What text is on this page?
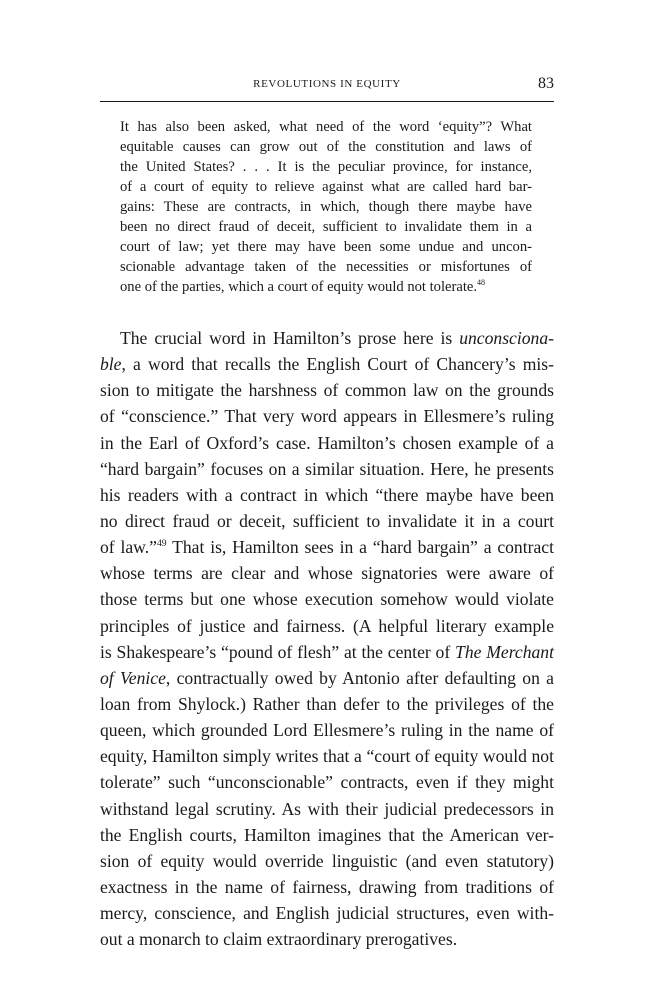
REVOLUTIONS IN EQUITY	83
It has also been asked, what need of the word ‘equity”? What
equitable causes can grow out of the constitution and laws of
the United States? . . . It is the peculiar province, for instance,
of a court of equity to relieve against what are called hard bar-
gains: These are contracts, in which, though there maybe have
been no direct fraud of deceit, sufficient to invalidate them in a
court of law; yet there may have been some undue and uncon-
scionable advantage taken of the necessities or misfortunes of
one of the parties, which a court of equity would not tolerate.$^{48}$
The crucial word in Hamilton’s prose here is unconsciona-
ble, a word that recalls the English Court of Chancery’s mis-
sion to mitigate the harshness of common law on the grounds
of “conscience.” That very word appears in Ellesmere’s ruling
in the Earl of Oxford’s case. Hamilton’s chosen example of a
“hard bargain” focuses on a similar situation. Here, he presents
his readers with a contract in which “there maybe have been
no direct fraud or deceit, sufficient to invalidate it in a court
of law.”$^{49}$ That is, Hamilton sees in a “hard bargain” a contract
whose terms are clear and whose signatories were aware of
those terms but one whose execution somehow would violate
principles of justice and fairness. (A helpful literary example
is Shakespeare’s “pound of flesh” at the center of The Merchant
of Venice, contractually owed by Antonio after defaulting on a
loan from Shylock.) Rather than defer to the privileges of the
queen, which grounded Lord Ellesmere’s ruling in the name of
equity, Hamilton simply writes that a “court of equity would not
tolerate” such “unconscionable” contracts, even if they might
withstand legal scrutiny. As with their judicial predecessors in
the English courts, Hamilton imagines that the American ver-
sion of equity would override linguistic (and even statutory)
exactness in the name of fairness, drawing from traditions of
mercy, conscience, and English judicial structures, even with-
out a monarch to claim extraordinary prerogatives.
